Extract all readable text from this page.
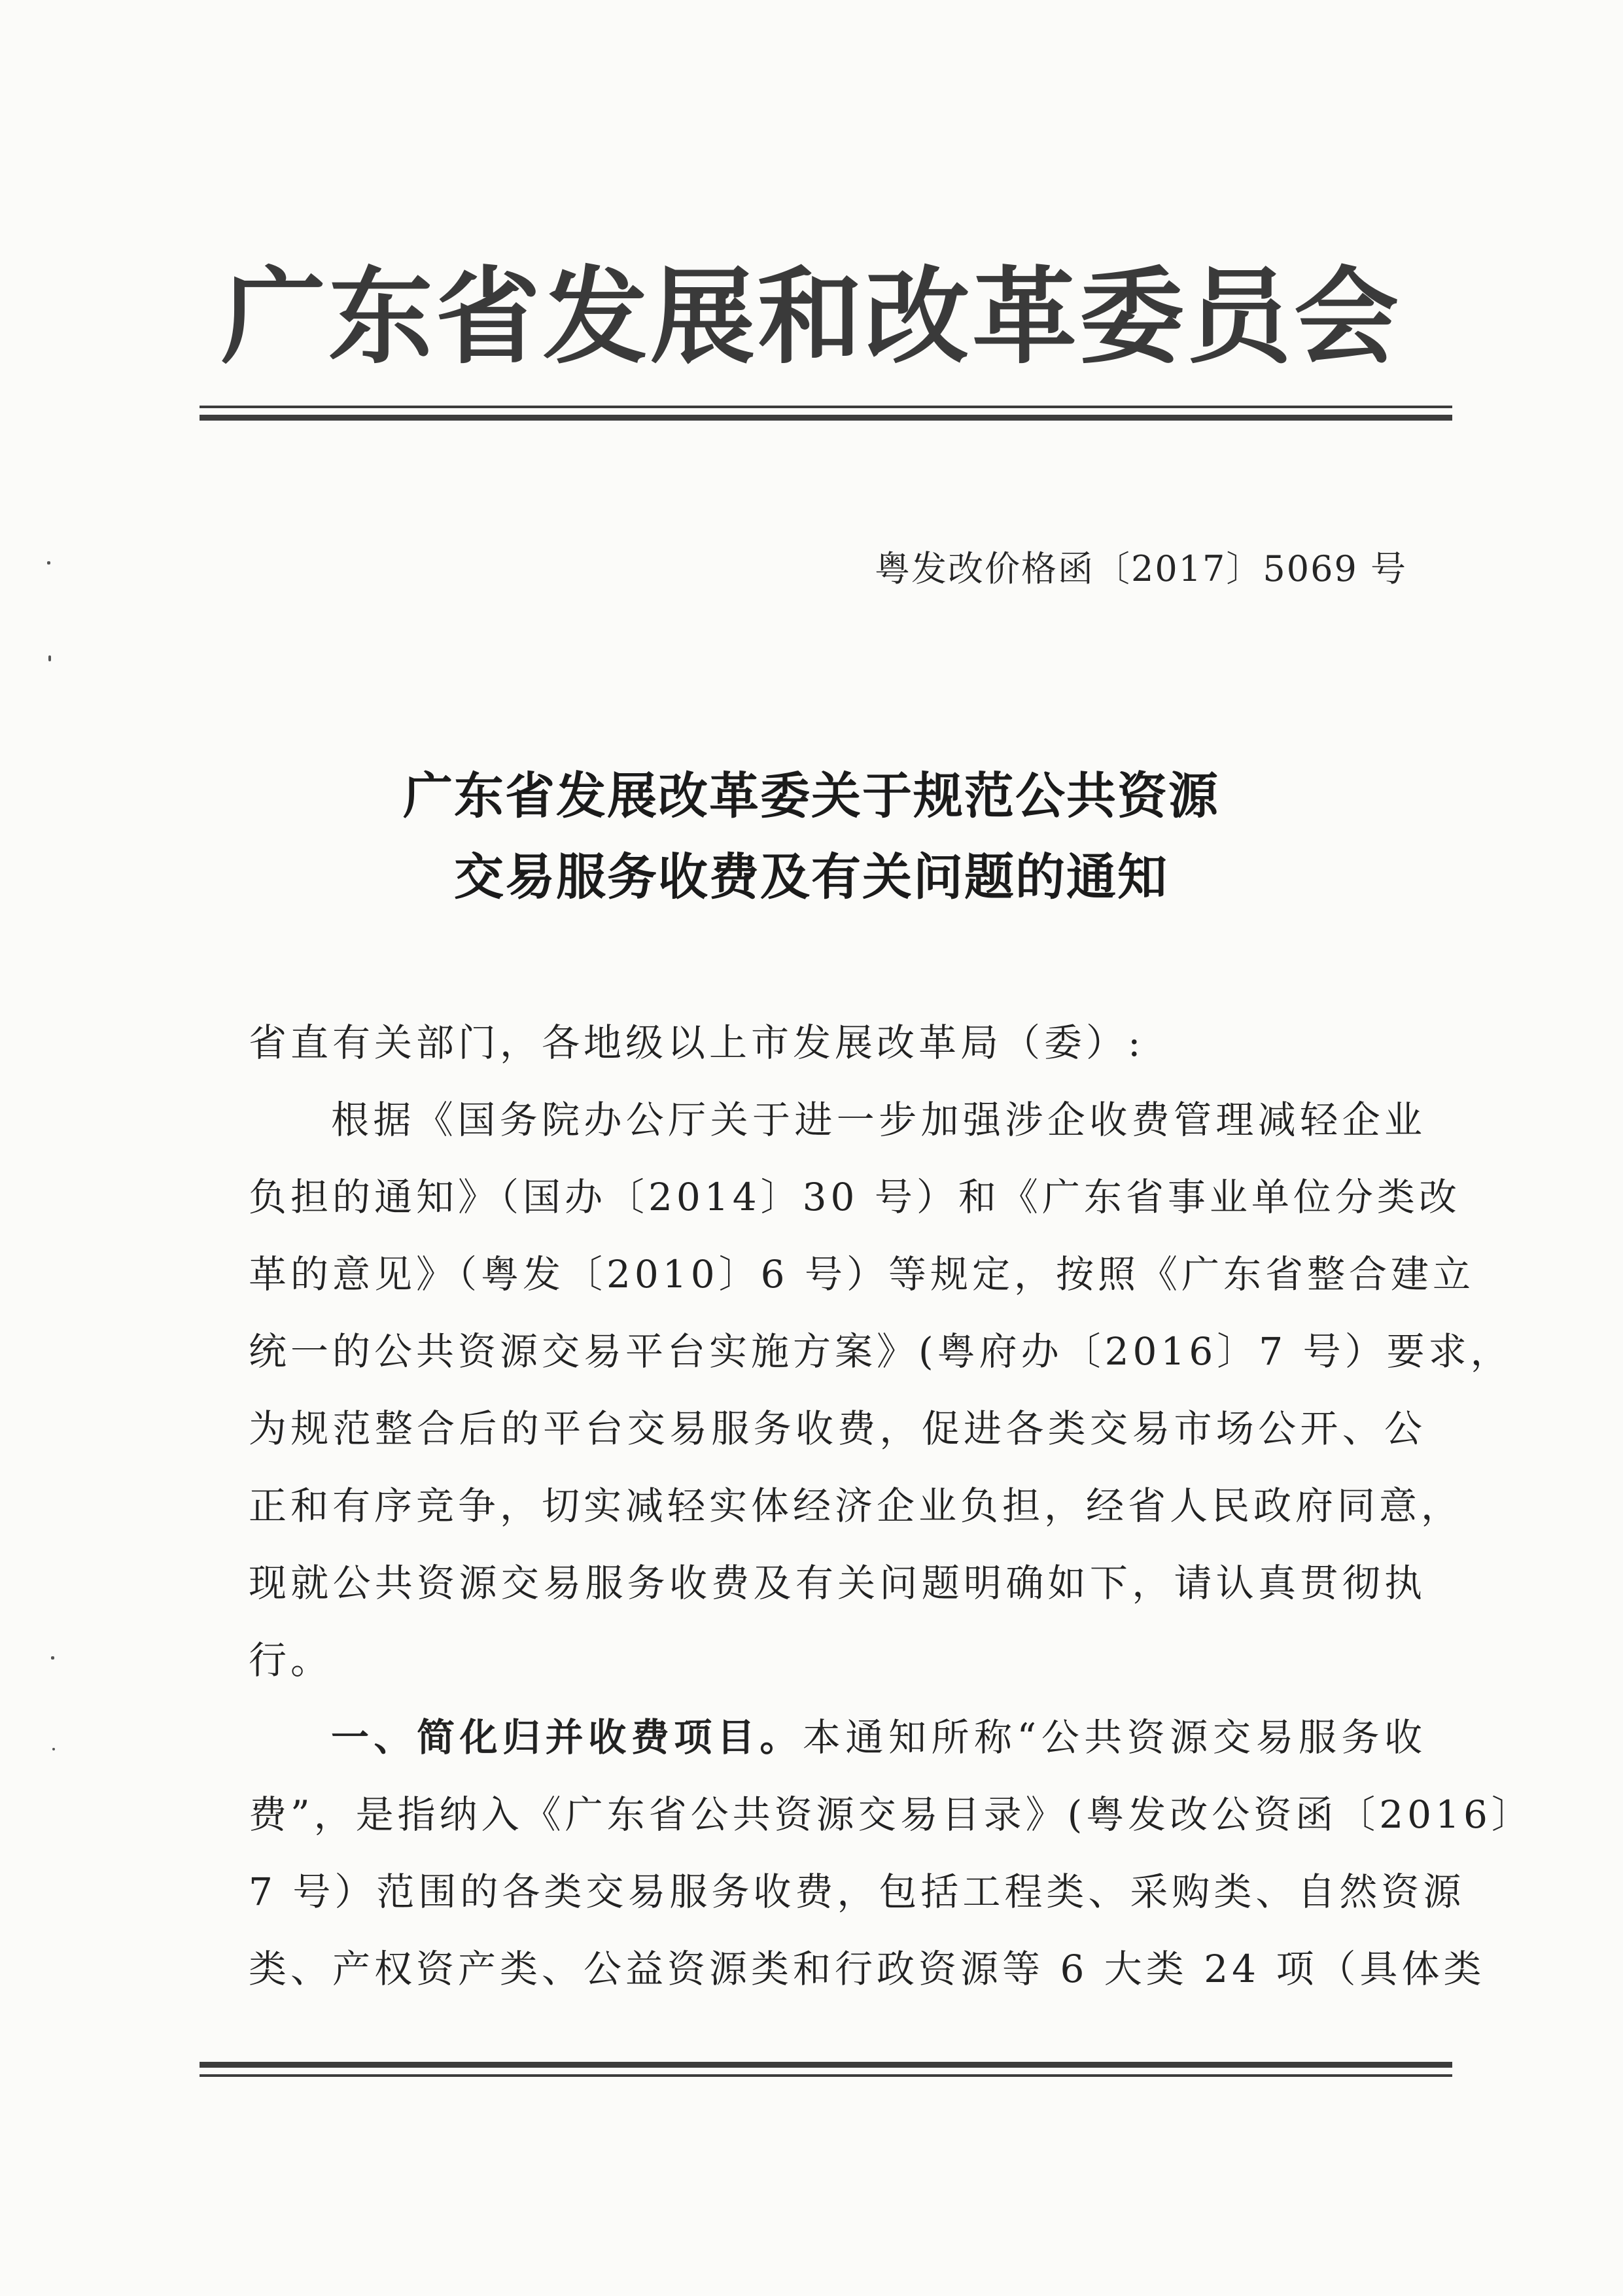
广东省发展和改革委员会
粤发改价格函〔2017〕5069 号
广东省发展改革委关于规范公共资源
交易服务收费及有关问题的通知
省直有关部门，各地级以上市发展改革局（委）:
根据《国务院办公厅关于进一步加强涉企收费管理减轻企业
负担的通知》（国办〔2014〕30 号）和《广东省事业单位分类改
革的意见》（粤发〔2010〕6 号）等规定，按照《广东省整合建立
统一的公共资源交易平台实施方案》(粤府办〔2016〕7 号）要求，
为规范整合后的平台交易服务收费，促进各类交易市场公开、公
正和有序竞争，切实减轻实体经济企业负担，经省人民政府同意，
现就公共资源交易服务收费及有关问题明确如下，请认真贯彻执
行。
一、简化归并收费项目。本通知所称“公共资源交易服务收
费”，是指纳入《广东省公共资源交易目录》(粤发改公资函〔2016〕
7 号）范围的各类交易服务收费，包括工程类、采购类、自然资源
类、产权资产类、公益资源类和行政资源等 6 大类 24 项（具体类
